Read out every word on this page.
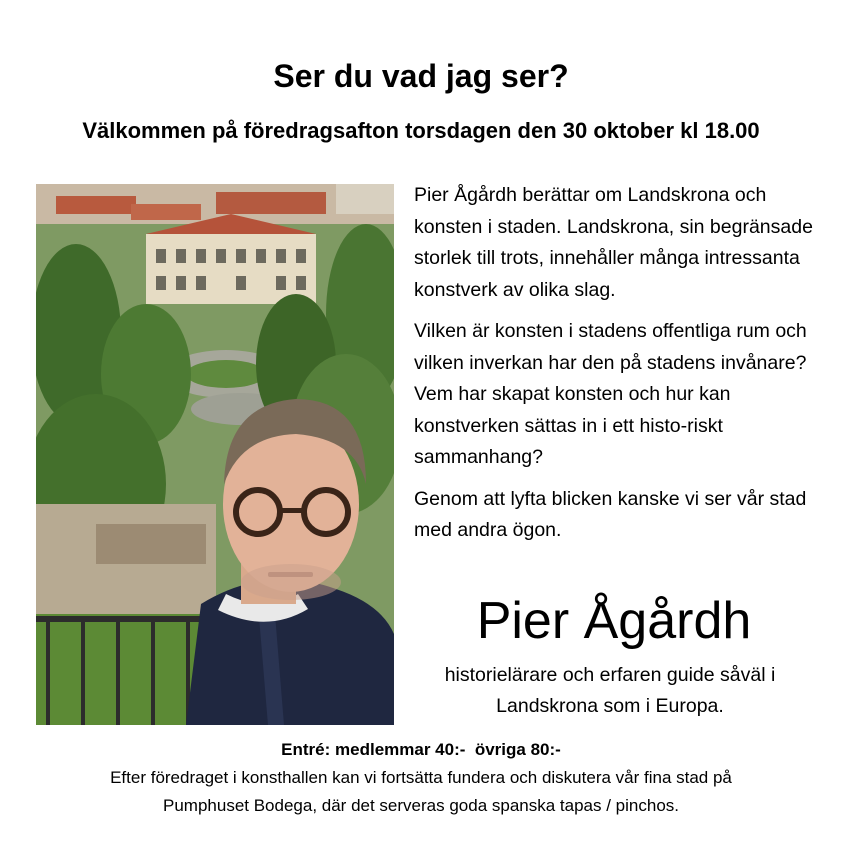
Ser du vad jag ser?
Välkommen på föredragsafton torsdagen den 30 oktober kl 18.00

Pier Ågårdh berättar om Landskrona och konsten i staden. Landskrona, sin begränsade storlek till trots, innehåller många intressanta konstverk av olika slag.

Vilken är konsten i stadens offentliga rum och vilken inverkan har den på stadens invånare? Vem har skapat konsten och hur kan konstverken sättas in i ett histo-riskt sammanhang?

Genom att lyfta blicken kanske vi ser vår stad med andra ögon.

Pier Ågårdh
historielärare och erfaren guide såväl i
Landskrona som i Europa.
Entré: medlemmar 40:-  övriga 80:-
Efter föredraget i konsthallen kan vi fortsätta fundera och diskutera vår fina stad på
Pumphuset Bodega, där det serveras goda spanska tapas / pinchos.
